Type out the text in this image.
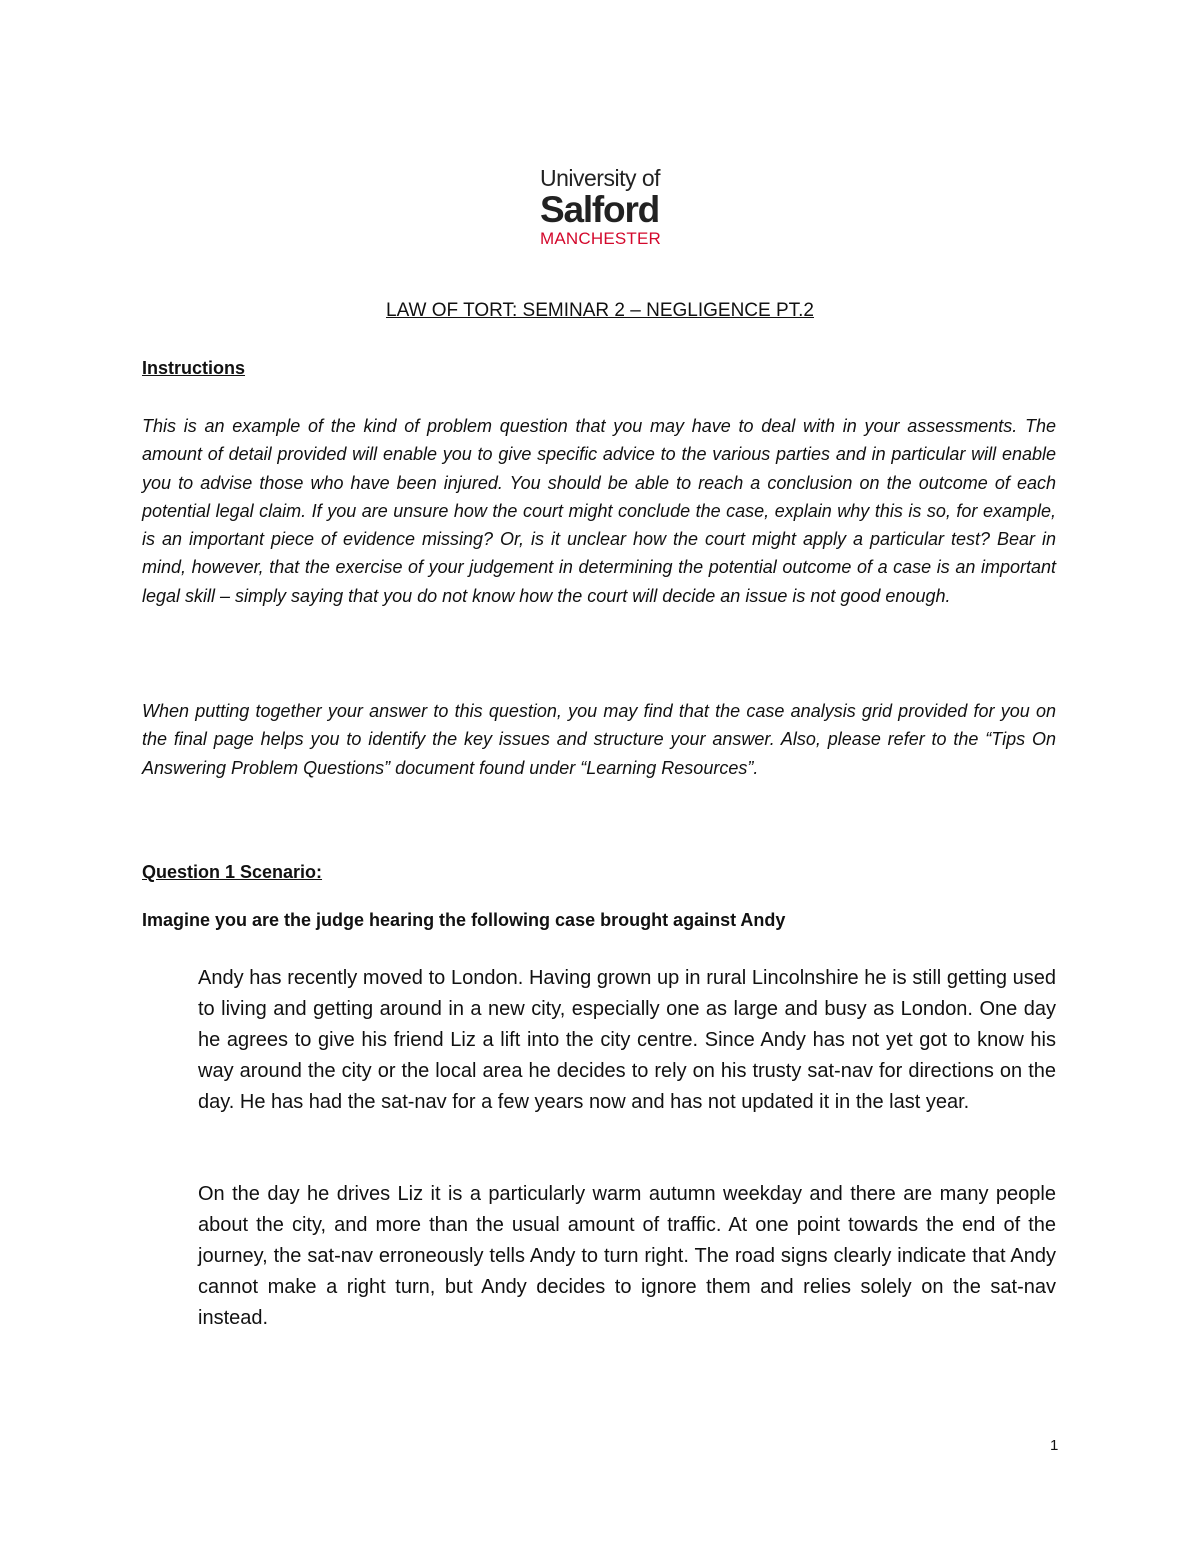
University of
Salford
MANCHESTER
LAW OF TORT: SEMINAR 2 – NEGLIGENCE PT.2
Instructions

This is an example of the kind of problem question that you may have to deal with in your assessments. The amount of detail provided will enable you to give specific advice to the various parties and in particular will enable you to advise those who have been injured. You should be able to reach a conclusion on the outcome of each potential legal claim. If you are unsure how the court might conclude the case, explain why this is so, for example, is an important piece of evidence missing? Or, is it unclear how the court might apply a particular test? Bear in mind, however, that the exercise of your judgement in determining the potential outcome of a case is an important legal skill – simply saying that you do not know how the court will decide an issue is not good enough.

When putting together your answer to this question, you may find that the case analysis grid provided for you on the final page helps you to identify the key issues and structure your answer. Also, please refer to the “Tips On Answering Problem Questions” document found under “Learning Resources”.

Question 1 Scenario:
Imagine you are the judge hearing the following case brought against Andy

Andy has recently moved to London. Having grown up in rural Lincolnshire he is still getting used to living and getting around in a new city, especially one as large and busy as London. One day he agrees to give his friend Liz a lift into the city centre. Since Andy has not yet got to know his way around the city or the local area he decides to rely on his trusty sat-nav for directions on the day. He has had the sat-nav for a few years now and has not updated it in the last year.

On the day he drives Liz it is a particularly warm autumn weekday and there are many people about the city, and more than the usual amount of traffic. At one point towards the end of the journey, the sat-nav erroneously tells Andy to turn right. The road signs clearly indicate that Andy cannot make a right turn, but Andy decides to ignore them and relies solely on the sat-nav instead.

1
